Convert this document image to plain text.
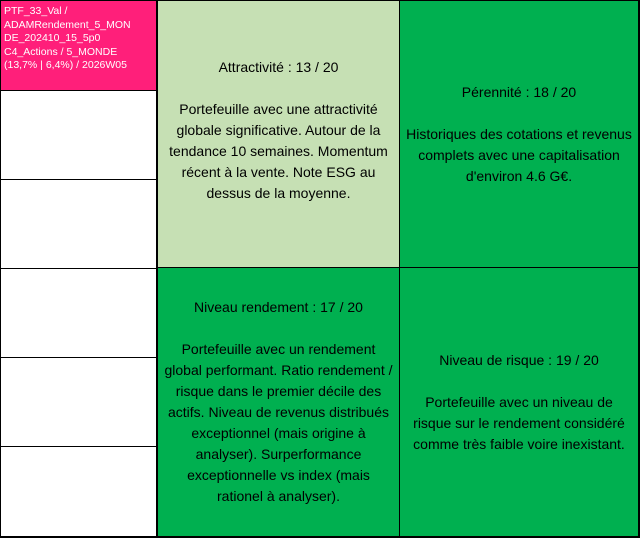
PTF_33_Val /
ADAMRendement_5_MON
DE_202410_15_5p0
C4_Actions / 5_MONDE
(13,7% | 6,4%) / 2026W05	Attractivité : 13 / 20
Portefeuille avec une attractivité globale significative. Autour de la tendance 10 semaines. Momentum récent à la vente. Note ESG au dessus de la moyenne.
Pérennité : 18 / 20
Historiques des cotations et revenus complets avec une capitalisation d'environ 4.6 G€.
Niveau rendement : 17 / 20
Portefeuille avec un rendement global performant. Ratio rendement / risque dans le premier décile des actifs. Niveau de revenus distribués exceptionnel (mais origine à analyser). Surperformance exceptionnelle vs index (mais rationel à analyser).
Niveau de risque : 19 / 20
Portefeuille avec un niveau de risque sur le rendement considéré comme très faible voire inexistant.
